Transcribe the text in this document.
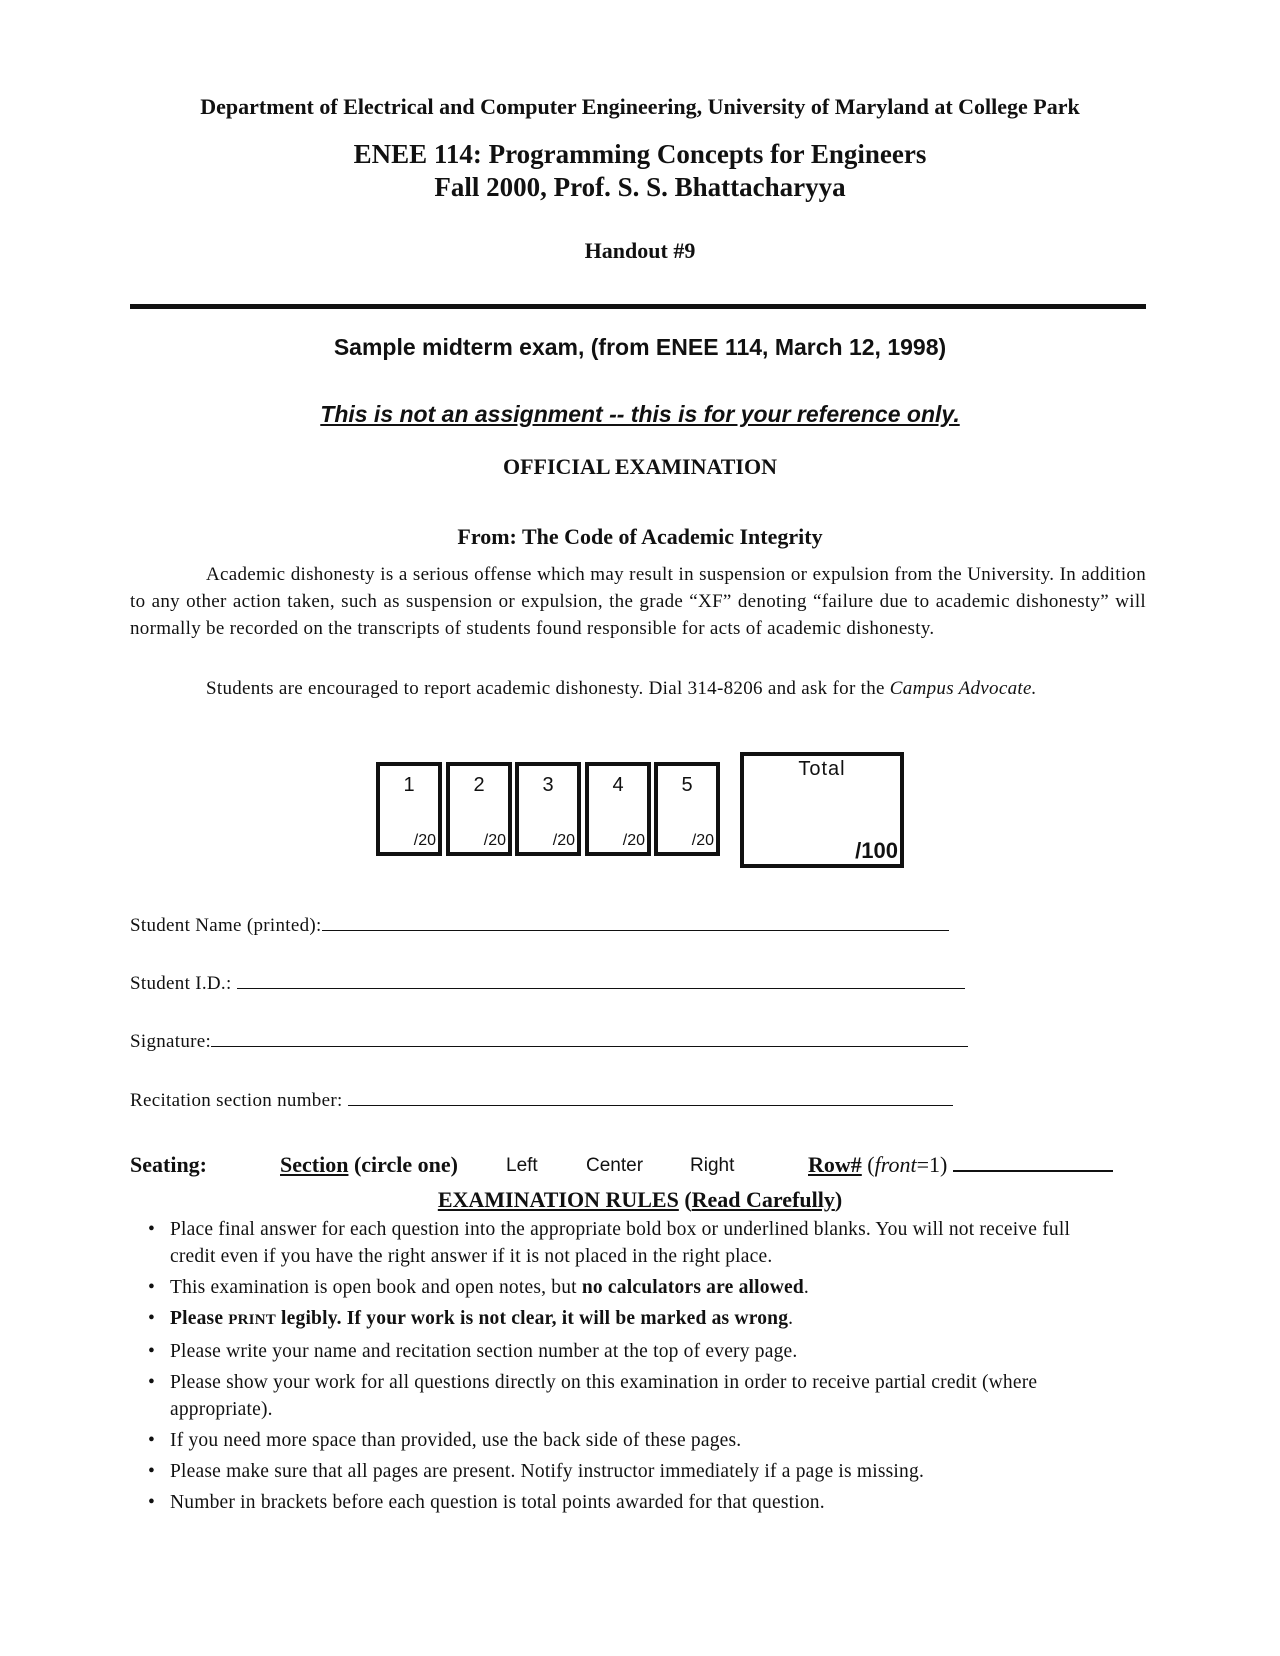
Department of Electrical and Computer Engineering, University of Maryland at College Park
ENEE 114: Programming Concepts for Engineers
Fall 2000, Prof. S. S. Bhattacharyya
Handout #9
Sample midterm exam, (from ENEE 114, March 12, 1998)
This is not an assignment -- this is for your reference only.
OFFICIAL EXAMINATION
From: The Code of Academic Integrity
Academic dishonesty is a serious offense which may result in suspension or expulsion from the University. In addition to any other action taken, such as suspension or expulsion, the grade “XF” denoting “failure due to academic dishonesty” will normally be recorded on the transcripts of students found responsible for acts of academic dishonesty.
Students are encouraged to report academic dishonesty. Dial 314-8206 and ask for the Campus Advocate.
1
/20
2
/20
3
/20
4
/20
5
/20
Total
/100
Student Name (printed):
Student I.D.:
Signature:
Recitation section number:
Seating:	Section (circle one)	Left	Center Right	Row# (front=1)
EXAMINATION RULES (Read Carefully)
• Place final answer for each question into the appropriate bold box or underlined blanks. You will not receive full credit even if you have the right answer if it is not placed in the right place.
• This examination is open book and open notes, but no calculators are allowed.
• Please PRINT legibly. If your work is not clear, it will be marked as wrong.
• Please write your name and recitation section number at the top of every page.
• Please show your work for all questions directly on this examination in order to receive partial credit (where appropriate).
• If you need more space than provided, use the back side of these pages.
• Please make sure that all pages are present. Notify instructor immediately if a page is missing.
• Number in brackets before each question is total points awarded for that question.
